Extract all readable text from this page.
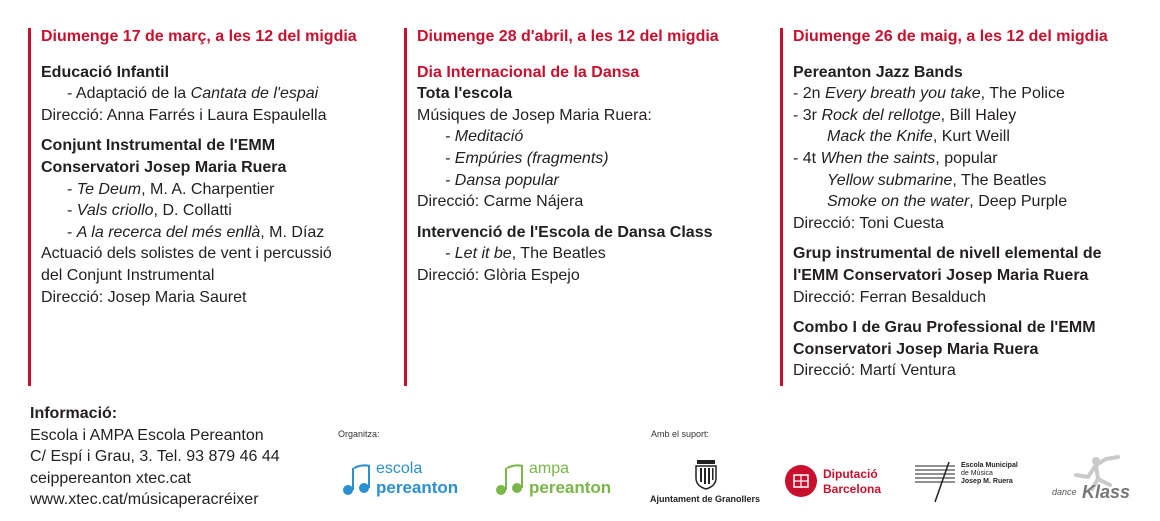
Diumenge 17 de març, a les 12 del migdia
Educació Infantil
- Adaptació de la Cantata de l'espai
Direcció: Anna Farrés i Laura Espaulella
Conjunt Instrumental de l'EMM
Conservatori Josep Maria Ruera
- Te Deum, M. A. Charpentier
- Vals criollo, D. Collatti
- A la recerca del més enllà, M. Díaz
Actuació dels solistes de vent i percussió
del Conjunt Instrumental
Direcció: Josep Maria Sauret
Diumenge 28 d'abril, a les 12 del migdia
Dia Internacional de la Dansa
Tota l'escola
Músiques de Josep Maria Ruera:
- Meditació
- Empúries (fragments)
- Dansa popular
Direcció: Carme Nájera
Intervenció de l'Escola de Dansa Class
- Let it be, The Beatles
Direcció: Glòria Espejo
Diumenge 26 de maig, a les 12 del migdia
Pereanton Jazz Bands
- 2n Every breath you take, The Police
- 3r Rock del rellotge, Bill Haley
Mack the Knife, Kurt Weill
- 4t When the saints, popular
Yellow submarine, The Beatles
Smoke on the water, Deep Purple
Direcció: Toni Cuesta
Grup instrumental de nivell elemental de
l'EMM Conservatori Josep Maria Ruera
Direcció: Ferran Besalduch
Combo I de Grau Professional de l'EMM
Conservatori Josep Maria Ruera
Direcció: Martí Ventura
Informació:
Escola i AMPA Escola Pereanton
C/ Espí i Grau, 3. Tel. 93 879 46 44
ceippereanton xtec.cat
www.xtec.cat/músicaperacréixer
Organitza:	Amb el suport:
escola
pereanton
ampa
pereanton
Ajuntament de Granollers
Diputació
Barcelona
Escola Municipal
de Música
Josep M. Ruera
dance Klass
